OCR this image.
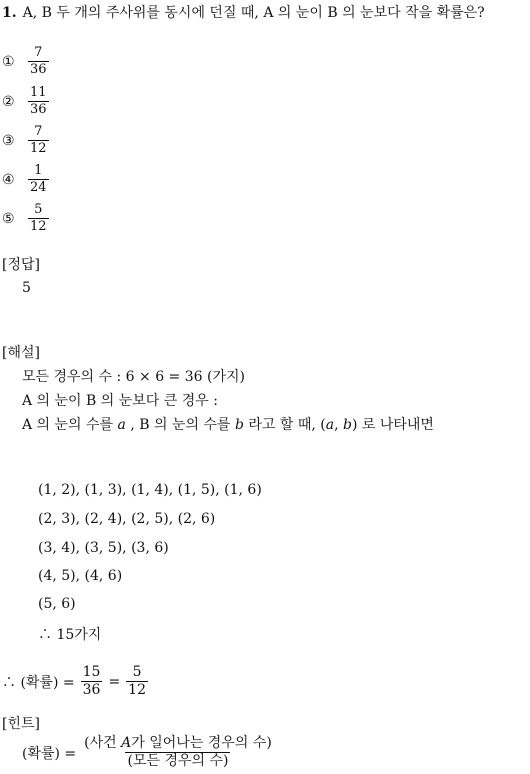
1. A, B 두 개의 주사위를 동시에 던질 때, A 의 눈이 B 의 눈보다 작을 확률은?
①	$\frac{7}{36}$
②	$\frac{11}{36}$
③	$\frac{7}{12}$
④	$\frac{1}{24}$
⑤	$\frac{5}{12}$
[정답]
5
[해설]
모든 경우의 수 : 6 × 6 = 36 (가지)
A 의 눈이 B 의 눈보다 큰 경우 :
A 의 눈의 수를 a , B 의 눈의 수를 b 라고 할 때, (a, b) 로 나타내면
(1, 2), (1, 3), (1, 4), (1, 5), (1, 6)
(2, 3), (2, 4), (2, 5), (2, 6)
(3, 4), (3, 5), (3, 6)
(4, 5), (4, 6)
(5, 6)
∴ 15가지
∴ (확률) = $\frac{15}{36} = \frac{5}{12}$
[힌트]
(확률) = $\frac{\text{(사건 A가 일어나는 경우의 수)}}{\text{(모든 경우의 수)}}$
